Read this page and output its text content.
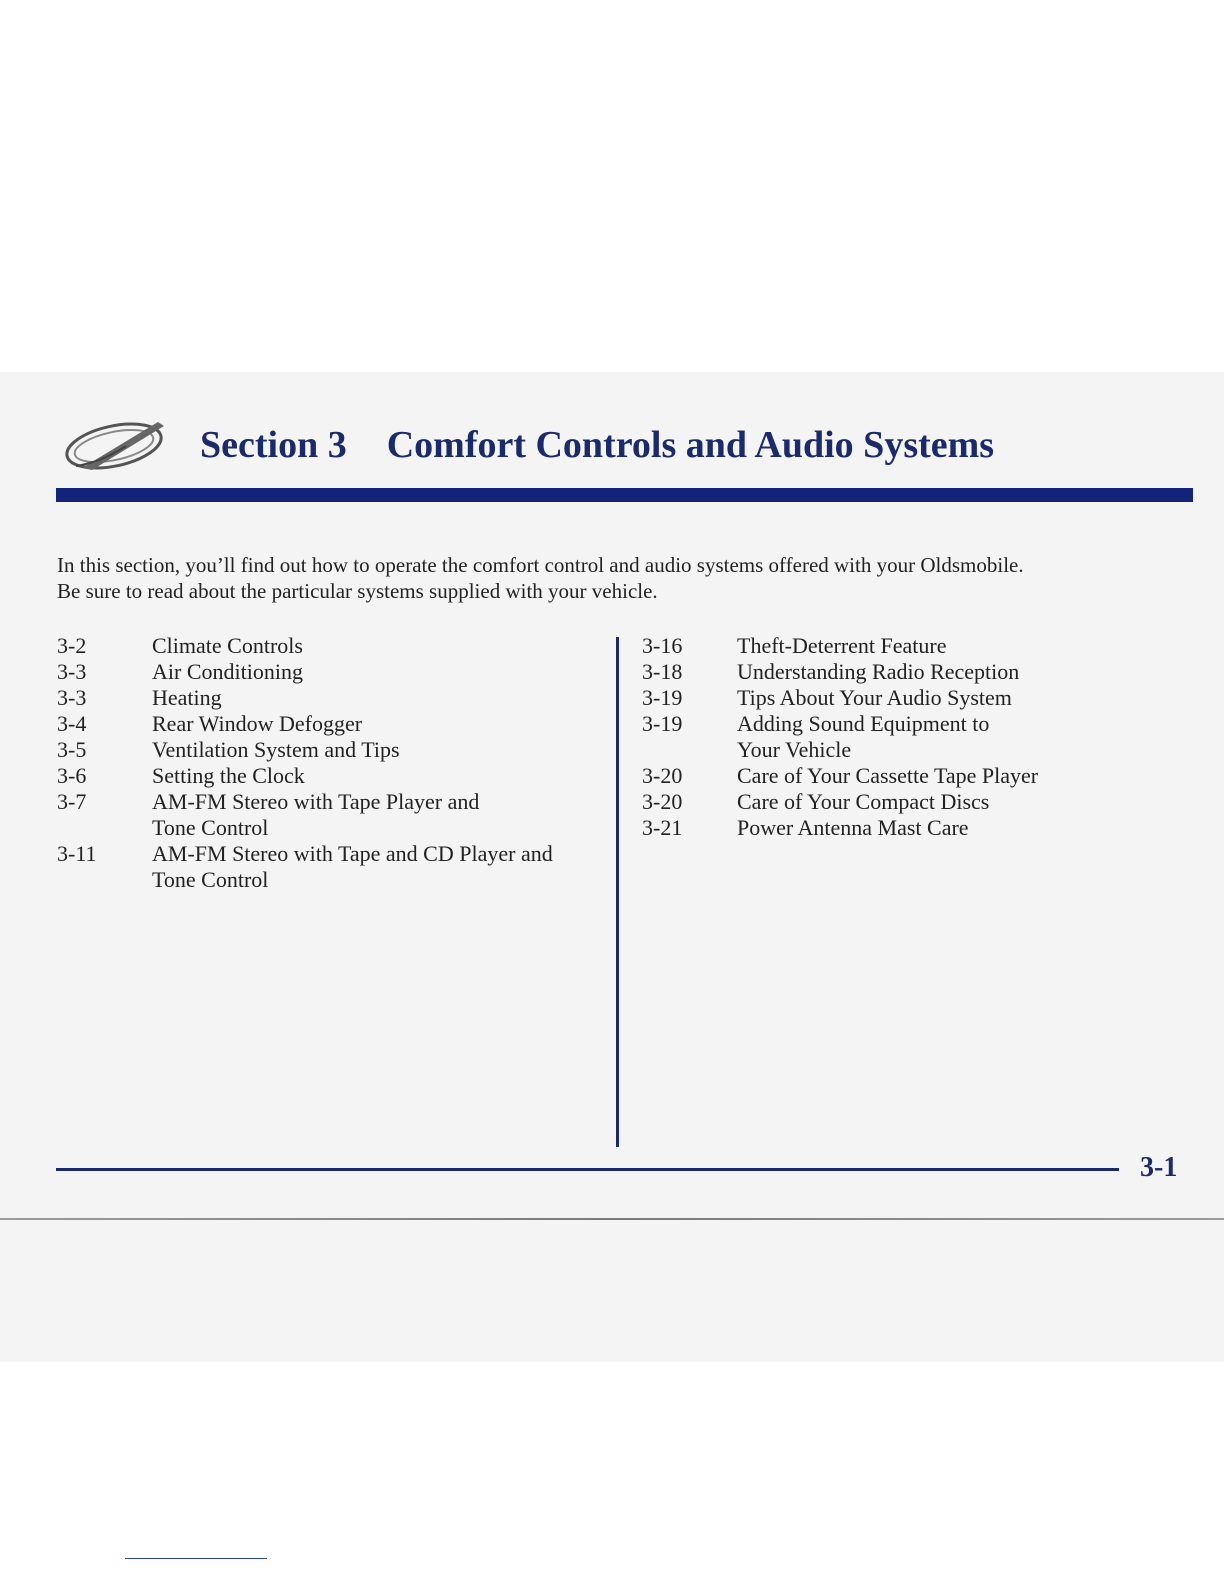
Section 3 Comfort Controls and Audio Systems
In this section, you’ll find out how to operate the comfort control and audio systems offered with your Oldsmobile.
Be sure to read about the particular systems supplied with your vehicle.
3-2	Climate Controls
3-3	Air Conditioning
3-3	Heating
3-4	Rear Window Defogger
3-5	Ventilation System and Tips
3-6	Setting the Clock
3-7	AM-FM Stereo with Tape Player and
Tone Control
3-11	AM-FM Stereo with Tape and CD Player and
Tone Control
3-16	Theft-Deterrent Feature
3-18	Understanding Radio Reception
3-19	Tips About Your Audio System
3-19	Adding Sound Equipment to
Your Vehicle
3-20	Care of Your Cassette Tape Player
3-20	Care of Your Compact Discs
3-21	Power Antenna Mast Care
3-1
